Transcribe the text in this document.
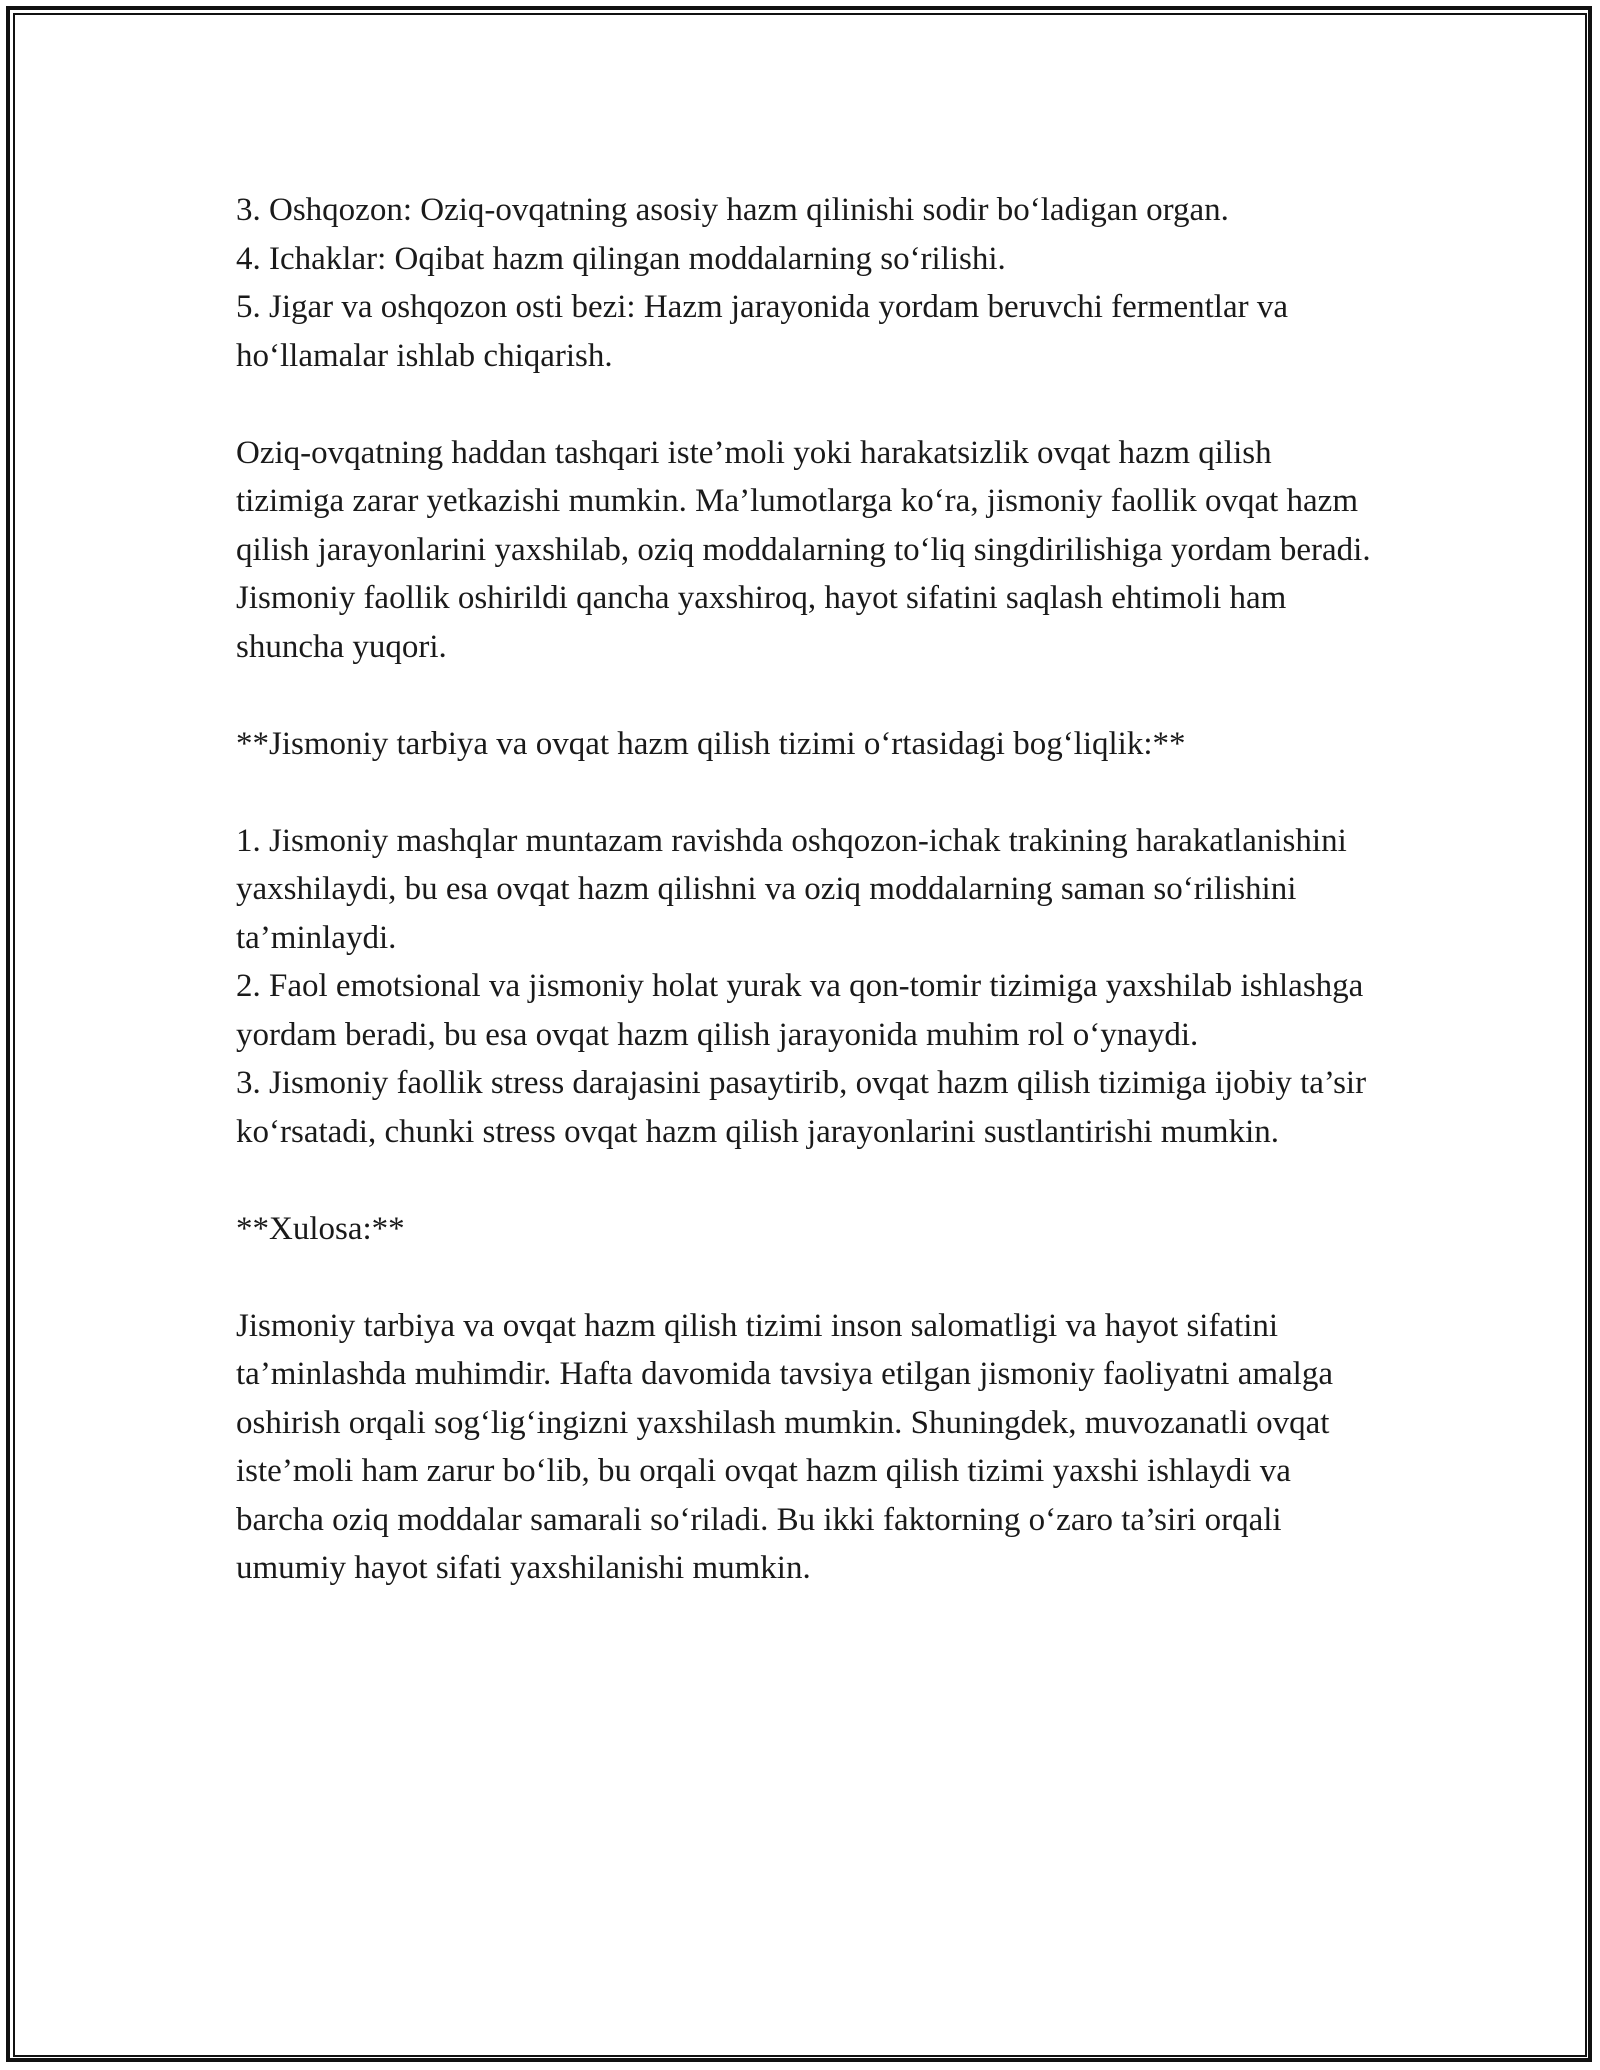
3. Oshqozon: Oziq-ovqatning asosiy hazm qilinishi sodir bo‘ladigan organ.

4. Ichaklar: Oqibat hazm qilingan moddalarning so‘rilishi.

5. Jigar va oshqozon osti bezi: Hazm jarayonida yordam beruvchi fermentlar va ho‘llamalar ishlab chiqarish.

Oziq-ovqatning haddan tashqari iste’moli yoki harakatsizlik ovqat hazm qilish tizimiga zarar yetkazishi mumkin. Ma’lumotlarga ko‘ra, jismoniy faollik ovqat hazm qilish jarayonlarini yaxshilab, oziq moddalarning to‘liq singdirilishiga yordam beradi. Jismoniy faollik oshirildi qancha yaxshiroq, hayot sifatini saqlash ehtimoli ham shuncha yuqori.

**Jismoniy tarbiya va ovqat hazm qilish tizimi o‘rtasidagi bog‘liqlik:**

1. Jismoniy mashqlar muntazam ravishda oshqozon-ichak trakining harakatlanishini yaxshilaydi, bu esa ovqat hazm qilishni va oziq moddalarning saman so‘rilishini ta’minlaydi.

2. Faol emotsional va jismoniy holat yurak va qon-tomir tizimiga yaxshilab ishlashga yordam beradi, bu esa ovqat hazm qilish jarayonida muhim rol o‘ynaydi.

3. Jismoniy faollik stress darajasini pasaytirib, ovqat hazm qilish tizimiga ijobiy ta’sir ko‘rsatadi, chunki stress ovqat hazm qilish jarayonlarini sustlantirishi mumkin.

**Xulosa:**

Jismoniy tarbiya va ovqat hazm qilish tizimi inson salomatligi va hayot sifatini ta’minlashda muhimdir. Hafta davomida tavsiya etilgan jismoniy faoliyatni amalga oshirish orqali sog‘lig‘ingizni yaxshilash mumkin. Shuningdek, muvozanatli ovqat iste’moli ham zarur bo‘lib, bu orqali ovqat hazm qilish tizimi yaxshi ishlaydi va barcha oziq moddalar samarali so‘riladi. Bu ikki faktorning o‘zaro ta’siri orqali umumiy hayot sifati yaxshilanishi mumkin.
